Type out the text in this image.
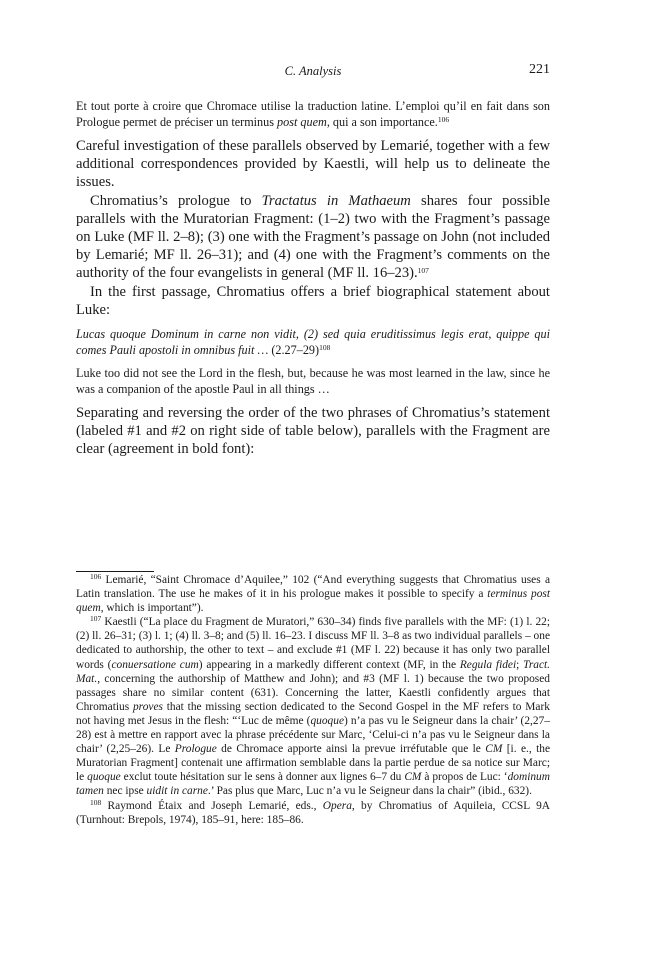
C. Analysis	221

Et tout porte à croire que Chromace utilise la traduction latine. L’emploi qu’il en fait dans son Prologue permet de préciser un terminus post quem, qui a son importance.$^{106}$

Careful investigation of these parallels observed by Lemarié, together with a few additional correspondences provided by Kaestli, will help us to delineate the issues.

Chromatius’s prologue to Tractatus in Mathaeum shares four possible parallels with the Muratorian Fragment: (1–2) two with the Fragment’s passage on Luke (MF ll. 2–8); (3) one with the Fragment’s passage on John (not included by Lemarié; MF ll. 26–31); and (4) one with the Fragment’s comments on the authority of the four evangelists in general (MF ll. 16–23).$^{107}$

In the first passage, Chromatius offers a brief biographical statement about Luke:

Lucas quoque Dominum in carne non vidit, (2) sed quia eruditissimus legis erat, quippe qui comes Pauli apostoli in omnibus fuit … $(2.27-29)^{108}$

Luke too did not see the Lord in the flesh, but, because he was most learned in the law, since he was a companion of the apostle Paul in all things …

Separating and reversing the order of the two phrases of Chromatius’s statement (labeled #1 and #2 on right side of table below), parallels with the Fragment are clear (agreement in bold font):

$^{106}$ Lemarié, “Saint Chromace d’Aquilee,” 102 (“And everything suggests that Chromatius uses a Latin translation. The use he makes of it in his prologue makes it possible to specify a terminus post quem, which is important”).

$^{107}$ Kaestli (“La place du Fragment de Muratori,” 630–34) finds five parallels with the MF: (1) l. 22; (2) ll. 26–31; (3) l. 1; (4) ll. 3–8; and (5) ll. 16–23. I discuss MF ll. 3–8 as two individual parallels – one dedicated to authorship, the other to text – and exclude #1 (MF l. 22) because it has only two parallel words (conuersatione cum) appearing in a markedly different context (MF, in the Regula fidei; Tract. Mat., concerning the authorship of Matthew and John); and #3 (MF l. 1) because the two proposed passages share no similar content (631). Concerning the latter, Kaestli confidently argues that Chromatius proves that the missing section dedicated to the Second Gospel in the MF refers to Mark not having met Jesus in the flesh: “‘Luc de même (quoque) n’a pas vu le Seigneur dans la chair’ (2,27–28) est à mettre en rapport avec la phrase précédente sur Marc, ‘Celui-ci n’a pas vu le Seigneur dans la chair’ (2,25–26). Le Prologue de Chromace apporte ainsi la prevue irréfutable que le CM [i. e., the Muratorian Fragment] contenait une affirmation semblable dans la partie perdue de sa notice sur Marc; le quoque exclut toute hésitation sur le sens à donner aux lignes 6–7 du CM à propos de Luc: ‘dominum tamen nec ipse uidit in carne.’ Pas plus que Marc, Luc n’a vu le Seigneur dans la chair” (ibid., 632).

$^{108}$ Raymond Étaix and Joseph Lemarié, eds., Opera, by Chromatius of Aquileia, CCSL 9A (Turnhout: Brepols, 1974), 185–91, here: 185–86.
